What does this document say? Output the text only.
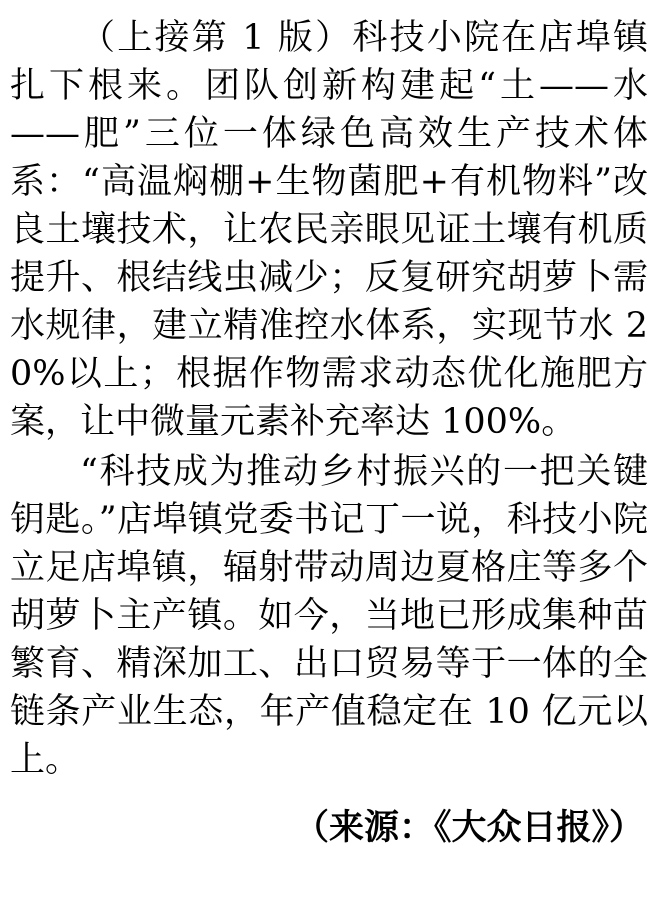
（上接第 1 版）科技小院在店埠镇扎下根来。团队创新构建起“土——水——肥”三位一体绿色高效生产技术体系：“高温焖棚+生物菌肥+有机物料”改良土壤技术，让农民亲眼见证土壤有机质提升、根结线虫减少；反复研究胡萝卜需水规律，建立精准控水体系，实现节水 20%以上；根据作物需求动态优化施肥方案，让中微量元素补充率达 100%。

“科技成为推动乡村振兴的一把关键钥匙。”店埠镇党委书记丁一说，科技小院立足店埠镇，辐射带动周边夏格庄等多个胡萝卜主产镇。如今，当地已形成集种苗繁育、精深加工、出口贸易等于一体的全链条产业生态，年产值稳定在 10 亿元以上。

（来源：《大众日报》）
